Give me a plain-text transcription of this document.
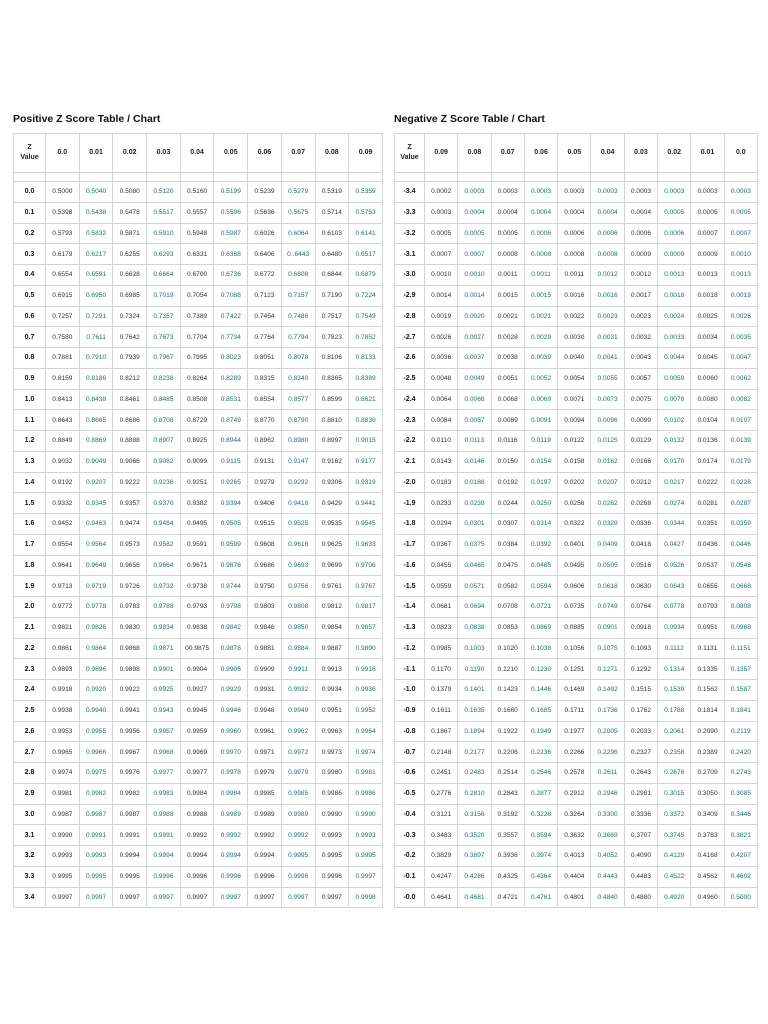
Positive Z Score Table / Chart
Z
Value	0.0	0.01	0.02	0.03	0.04	0.05	0.06	0.07	0.08	0.09

0.0	0.5000	0.5040	0.5080	0.5120	0.5160	0.5199	0.5239	0.5279	0.5319	0.5359
0.1	0.5398	0.5438	0.5478	0.5517	0.5557	0.5596	0.5636	0.5675	0.5714	0.5753
0.2	0.5793	0.5832	0.5871	0.5910	0.5948	0.5987	0.6026	0.6064	0.6103	0.6141
0.3	0.6179	0.6217	0.6255	0.6293	0.6331	0.6368	0.6406	0..6443	0.6480	0.6517
0.4	0.6554	0.6591	0.6628	0.6664	0.6700	0.6736	0.6772	0.6808	0.6844	0.6879
0.5	0.6915	0.6950	0.6985	0.7019	0.7054	0.7088	0.7123	0.7157	0.7190	0.7224
0.6	0.7257	0.7291	0.7324	0.7357	0.7389	0.7422	0.7454	0.7486	0.7517	0.7549
0.7	0.7580	0.7611	0.7642	0.7673	0.7704	0.7734	0.7764	0.7794	0.7823	0.7852
0.8	0.7881	0.7910	0.7939	0.7967	0.7995	0.8023	0.8051	0.8078	0.8106	0.8133
0.9	0.8159	0.8186	0.8212	0.8238	0.8264	0.8289	0.8315	0.8340	0.8365	0.8389
1.0	0.8413	0.8438	0.8461	0.8485	0.8508	0.8531	0.8554	0.8577	0.8599	0.8621
1.1	0.8643	0.8665	0.8686	0.8708	0.8729	0.8749	0.8770	0.8790	0.8810	0.8830
1.2	0.8849	0.8869	0.8888	0.8907	0.8925	0.8944	0.8962	0.8980	0.8997	0.9015
1.3	0.9032	0.9049	0.9066	0.9082	0.9099	0.9115	0.9131	0.9147	0.9162	0.9177
1.4	0.9192	0.9207	0.9222	0.9236	0.9251	0.9265	0.9279	0.9292	0.9306	0.9319
1.5	0.9332	0.9345	0.9357	0.9370	0.9382	0.9394	0.9406	0.9418	0.9429	0.9441
1.6	0.9452	0.9463	0.9474	0.9484	0.9495	0.9505	0.9515	0.9525	0.9535	0.9545
1.7	0.9554	0.9564	0.9573	0.9582	0.9591	0.9599	0.9608	0.9616	0.9625	0.9633
1.8	0.9641	0.9649	0.9656	0.9664	0.9671	0.9678	0.9686	0.9693	0.9699	0.9706
1.9	0.9713	0.9719	0.9726	0.9732	0.9738	0.9744	0.9750	0.9756	0.9761	0.9767
2.0	0.9772	0.9778	0.9783	0.9788	0.9793	0.9798	0.9803	0.9808	0.9812	0.9817
2.1	0.9821	0.9826	0.9830	0.9834	0.9838	0.9842	0.9846	0.9850	0.9854	0.9857
2.2	0.9861	0.9864	0.9868	0.9871	00.9875	0.9878	0.9881	0.9884	0.9887	0.9890
2.3	0.9893	0.9896	0.9898	0.9901	0.9904	0.9906	0.9909	0.9911	0.9913	0.9916
2.4	0.9918	0.9920	0.9922	0.9925	0.9927	0.9929	0.9931	0.9932	0.9934	0.9936
2.5	0.9938	0.9940	0.9941	0.9943	0.9945	0.9946	0.9948	0.9949	0.9951	0.9952
2.6	0.9953	0.9955	0.9956	0.9957	0.9959	0.9960	0.9961	0.9962	0.9963	0.9964
2.7	0.9965	0.9966	0.9967	0.9968	0.9969	0.9970	0.9971	0.9972	0.9973	0.9974
2.8	0.9974	0.9975	0.9976	0.9977	0.9977	0.9978	0.9979	0.9979	0.9980	0.9981
2.9	0.9981	0.9982	0.9982	0.9983	0.9984	0.9984	0.9985	0.9985	0.9986	0.9986
3.0	0.9987	0.9987	0.9987	0.9988	0.9988	0.9989	0.9989	0.9989	0.9990	0.9990
3.1	0.9990	0.9991	0.9991	0.9991	0.9992	0.9992	0.9992	0.9992	0.9993	0.9993
3.2	0.9993	0.9993	0.9994	0.9994	0.9994	0.9994	0.9994	0.9995	0.9995	0.9995
3.3	0.9995	0.9995	0.9995	0.9996	0.9996	0.9996	0.9996	0.9996	0.9996	0.9997
3.4	0.9997	0.9997	0.9997	0.9997	0.9997	0.9997	0.9997	0.9997	0.9997	0.9998
Negative Z Score Table / Chart
Z
Value	0.09	0.08	0.07	0.06	0.05	0.04	0.03	0.02	0.01	0.0

-3.4	0.0002	0.0003	0.0003	0.0003	0.0003	0.0003	0.0003	0.0003	0.0003	0.0003
-3.3	0.0003	0.0004	0.0004	0.0004	0.0004	0.0004	0.0004	0.0005	0.0005	0.0005
-3.2	0.0005	0.0005	0.0005	0.0006	0.0006	0.0006	0.0006	0.0006	0.0007	0.0007
-3.1	0.0007	0.0007	0.0008	0.0008	0.0008	0.0008	0.0009	0.0009	0.0009	0.0010
-3.0	0.0010	0.0010	0.0011	0.0011	0.0011	0.0012	0.0012	0.0013	0.0013	0.0013
-2.9	0.0014	0.0014	0.0015	0.0015	0.0016	0.0016	0.0017	0.0018	0.0018	0.0019
-2.8	0.0019	0.0020	0.0021	0.0021	0.0022	0.0023	0.0023	0.0024	0.0025	0.0026
-2.7	0.0026	0.0027	0.0028	0.0029	0.0030	0.0031	0.0032	0.0033	0.0034	0.0035
-2.6	0.0036	0.0037	0.0038	0.0039	0.0040	0.0041	0.0043	0.0044	0.0045	0.0047
-2.5	0.0048	0.0049	0.0051	0.0052	0.0054	0.0055	0.0057	0.0059	0.0060	0.0062
-2.4	0.0064	0.0066	0.0068	0.0069	0.0071	0.0073	0.0075	0.0078	0.0080	0.0082
-2.3	0.0084	0.0087	0.0089	0.0091	0.0094	0.0096	0.0099	0.0102	0.0104	0.0107
-2.2	0.0110	0.0113	0.0116	0.0119	0.0122	0.0125	0.0129	0.0132	0.0136	0.0139
-2.1	0.0143	0.0146	0.0150	0.0154	0.0158	0.0162	0.0166	0.0170	0.0174	0.0179
-2.0	0.0183	0.0188	0.0192	0.0197	0.0202	0.0207	0.0212	0.0217	0.0222	0.0228
-1.9	0.0233	0.0239	0.0244	0.0250	0.0256	0.0262	0.0268	0.0274	0.0281	0.0287
-1.8	0.0294	0.0301	0.0307	0.0314	0.0322	0.0329	0.0336	0.0344	0.0351	0.0359
-1.7	0.0367	0.0375	0.0384	0.0392	0.0401	0.0409	0.0418	0.0427	0.0436	0.0446
-1.6	0.0455	0.0465	0.0475	0.0485	0.0495	0.0505	0.0516	0.0526	0.0537	0.0548
-1.5	0.0559	0.0571	0.0582	0.0594	0.0606	0.0618	0.0630	0.0643	0.0655	0.0668
-1.4	0.0681	0.0694	0.0708	0.0721	0.0735	0.0749	0.0764	0.0778	0.0793	0.0808
-1.3	0.0823	0.0838	0.0853	0.0869	0.0885	0.0901	0.0918	0.0934	0.0951	0.0968
-1.2	0.0985	0.1003	0.1020	0.1038	0.1056	0.1075	0.1093	0.1112	0.1131	0.1151
-1.1	0.1170	0.1190	0.1210	0.1230	0.1251	0.1271	0.1292	0.1314	0.1335	0.1357
-1.0	0.1379	0.1401	0.1423	0.1446	0.1469	0.1492	0.1515	0.1539	0.1562	0.1587
-0.9	0.1611	0.1635	0.1660	0.1685	0.1711	0.1736	0.1762	0.1788	0.1814	0.1841
-0.8	0.1867	0.1894	0.1922	0.1949	0.1977	0.2005	0.2033	0.2061	0.2090	0.2119
-0.7	0.2148	0.2177	0.2206	0.2236	0.2266	0.2296	0.2327	0.2358	0.2389	0.2420
-0.6	0.2451	0.2483	0.2514	0.2546	0.2578	0.2611	0.2643	0.2676	0.2709	0.2743
-0.5	0.2776	0.2810	0.2843	0.2877	0.2912	0.2946	0.2981	0.3015	0.3050	0.3085
-0.4	0.3121	0.3156	0.3192	0.3228	0.3264	0.3300	0.3336	0.3372	0.3409	0.3446
-0.3	0.3483	0.3520	0.3557	0.3594	0.3632	0.3669	0.3707	0.3745	0.3783	0.3821
-0.2	0.3829	0.3897	0.3936	0.3974	0.4013	0.4052	0.4090	0.4129	0.4168	0.4207
-0.1	0.4247	0.4286	0.4325	0.4364	0.4404	0.4443	0.4483	0.4522	0.4562	0.4602
-0.0	0.4641	0.4681	0.4721	0.4761	0.4801	0.4840	0.4880	0.4920	0.4960	0.5000
